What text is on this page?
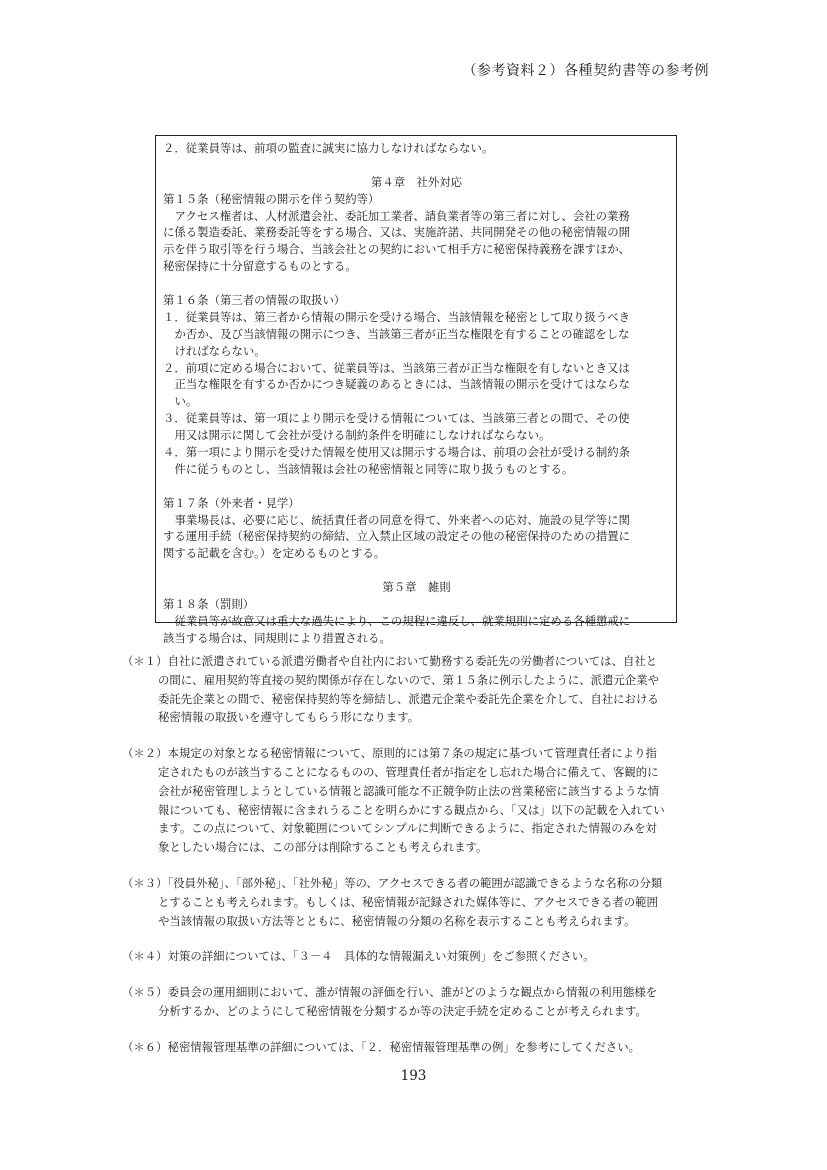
（参考資料２）各種契約書等の参考例
２．従業員等は、前項の監査に誠実に協力しなければならない。
第４章　社外対応
第１５条（秘密情報の開示を伴う契約等）
アクセス権者は、人材派遣会社、委託加工業者、請負業者等の第三者に対し、会社の業務
に係る製造委託、業務委託等をする場合、又は、実施許諾、共同開発その他の秘密情報の開
示を伴う取引等を行う場合、当該会社との契約において相手方に秘密保持義務を課すほか、
秘密保持に十分留意するものとする。
第１６条（第三者の情報の取扱い）
１．従業員等は、第三者から情報の開示を受ける場合、当該情報を秘密として取り扱うべき
か否か、及び当該情報の開示につき、当該第三者が正当な権限を有することの確認をしな
ければならない。
２．前項に定める場合において、従業員等は、当該第三者が正当な権限を有しないとき又は
正当な権限を有するか否かにつき疑義のあるときには、当該情報の開示を受けてはならな
い。
３．従業員等は、第一項により開示を受ける情報については、当該第三者との間で、その使
用又は開示に関して会社が受ける制約条件を明確にしなければならない。
４．第一項により開示を受けた情報を使用又は開示する場合は、前項の会社が受ける制約条
件に従うものとし、当該情報は会社の秘密情報と同等に取り扱うものとする。
第１７条（外来者・見学）
事業場長は、必要に応じ、統括責任者の同意を得て、外来者への応対、施設の見学等に関
する運用手続（秘密保持契約の締結、立入禁止区域の設定その他の秘密保持のための措置に
関する記載を含む。）を定めるものとする。
第５章　雑則
第１８条（罰則）
従業員等が故意又は重大な過失により、この規程に違反し、就業規則に定める各種懲戒に
該当する場合は、同規則により措置される。
（＊１）自社に派遣されている派遣労働者や自社内において勤務する委託先の労働者については、自社と
の間に、雇用契約等直接の契約関係が存在しないので、第１５条に例示したように、派遣元企業や
委託先企業との間で、秘密保持契約等を締結し、派遣元企業や委託先企業を介して、自社における
秘密情報の取扱いを遵守してもらう形になります。
（＊２）本規定の対象となる秘密情報について、原則的には第７条の規定に基づいて管理責任者により指
定されたものが該当することになるものの、管理責任者が指定をし忘れた場合に備えて、客観的に
会社が秘密管理しようとしている情報と認識可能な不正競争防止法の営業秘密に該当するような情
報についても、秘密情報に含まれうることを明らかにする観点から、「又は」以下の記載を入れてい
ます。この点について、対象範囲についてシンプルに判断できるように、指定された情報のみを対
象としたい場合には、この部分は削除することも考えられます。
（＊３）「役員外秘」、「部外秘」、「社外秘」等の、アクセスできる者の範囲が認識できるような名称の分類
とすることも考えられます。もしくは、秘密情報が記録された媒体等に、アクセスできる者の範囲
や当該情報の取扱い方法等とともに、秘密情報の分類の名称を表示することも考えられます。
（＊４）対策の詳細については、「３－４　具体的な情報漏えい対策例」をご参照ください。
（＊５）委員会の運用細則において、誰が情報の評価を行い、誰がどのような観点から情報の利用態様を
分析するか、どのようにして秘密情報を分類するか等の決定手続を定めることが考えられます。
（＊６）秘密情報管理基準の詳細については、「２．秘密情報管理基準の例」を参考にしてください。
193
